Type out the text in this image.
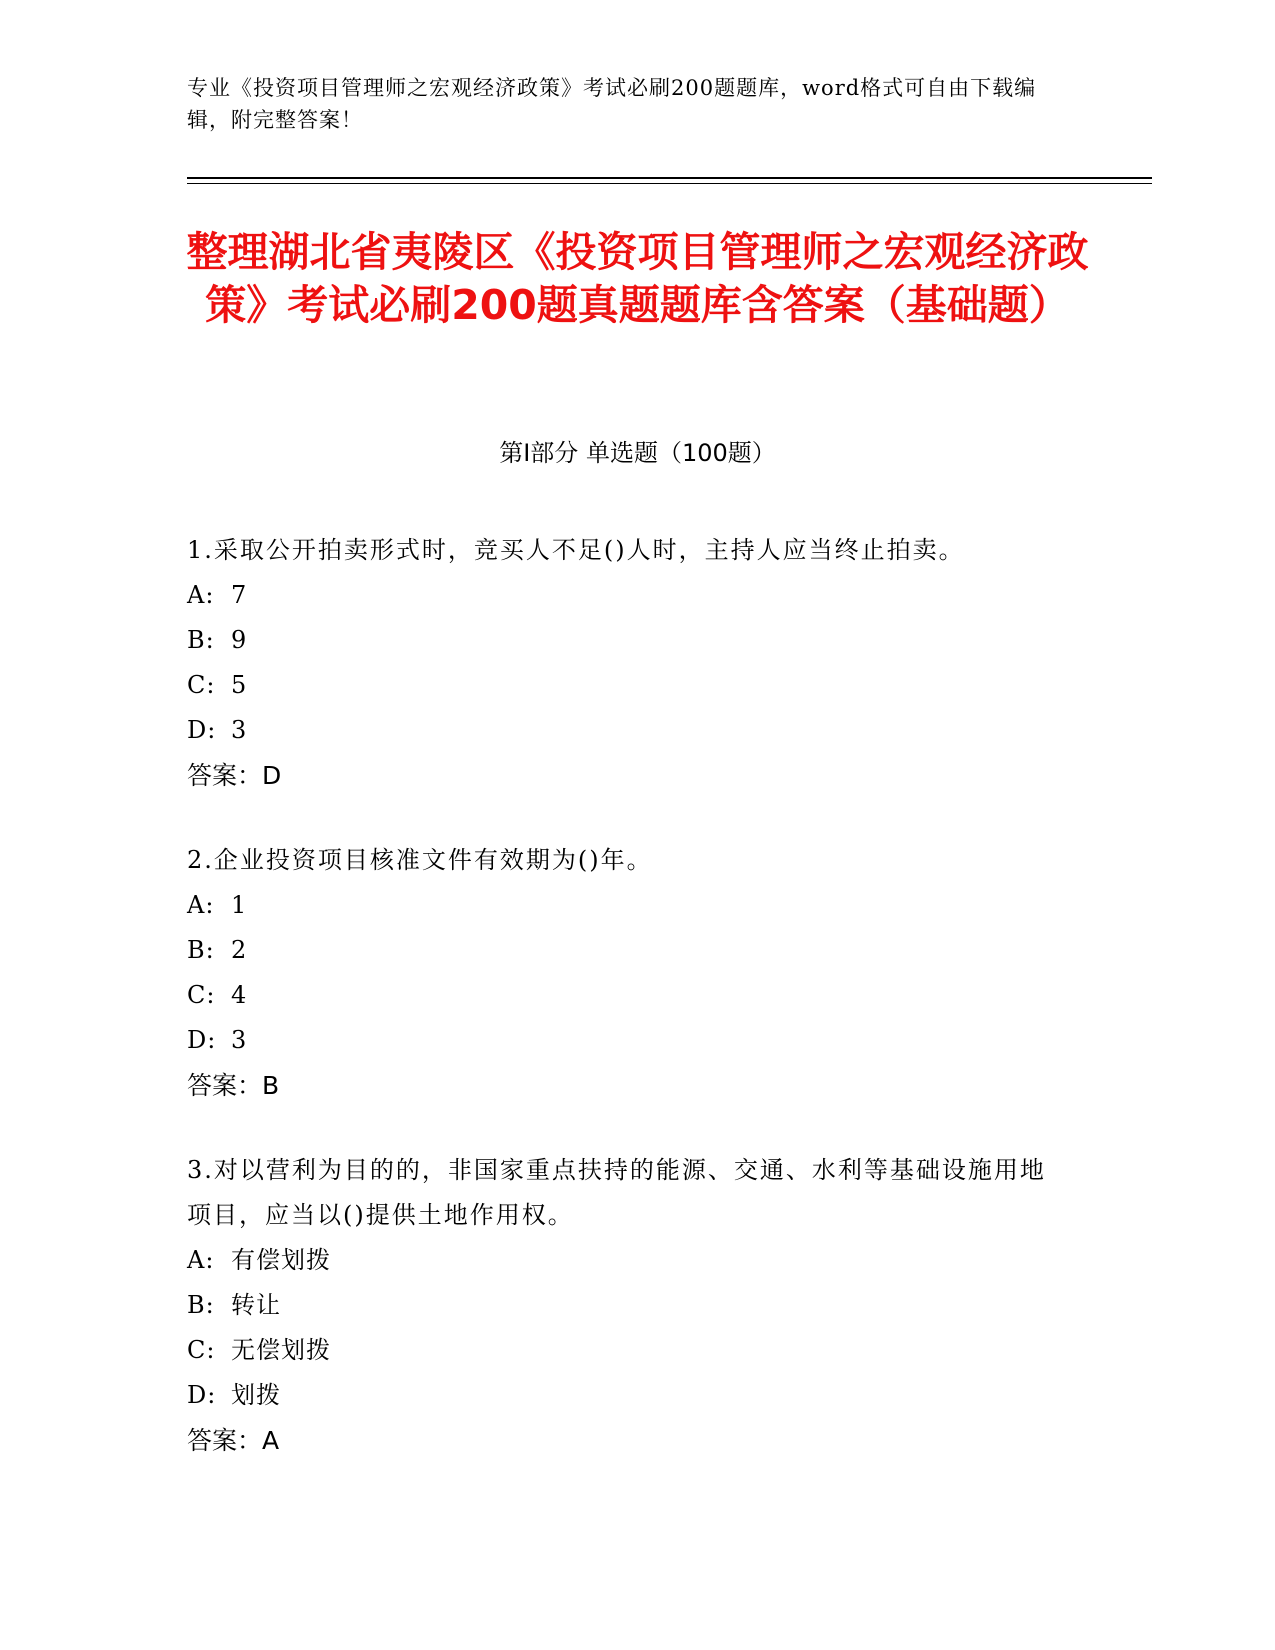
专业《投资项目管理师之宏观经济政策》考试必刷200题题库，word格式可自由下载编辑，附完整答案！
整理湖北省夷陵区《投资项目管理师之宏观经济政策》考试必刷200题真题题库含答案（基础题）
第I部分 单选题（100题）

1.采取公开拍卖形式时，竞买人不足()人时，主持人应当终止拍卖。

A: 7

B: 9

C: 5

D: 3

答案：D

2.企业投资项目核准文件有效期为()年。

A: 1

B: 2

C: 4

D: 3

答案：B

3.对以营利为目的的，非国家重点扶持的能源、交通、水利等基础设施用地项目，应当以()提供土地作用权。

A: 有偿划拨

B: 转让

C: 无偿划拨

D: 划拨

答案：A
